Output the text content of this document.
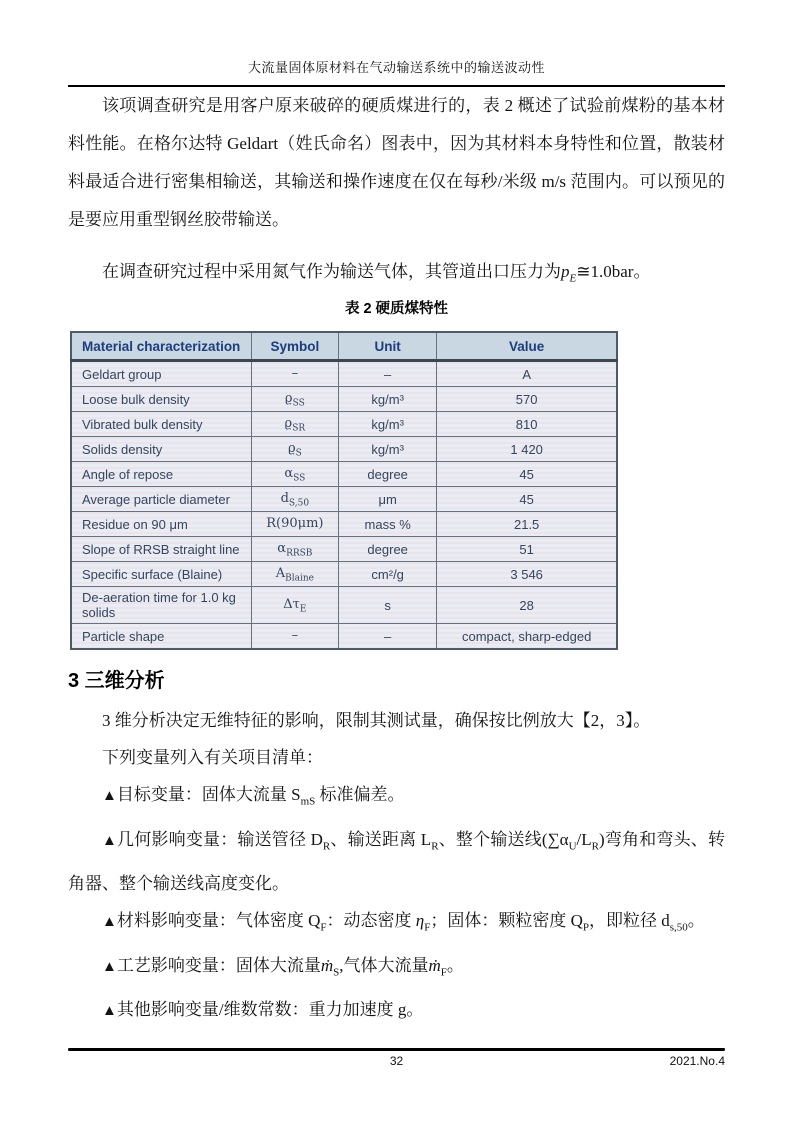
大流量固体原材料在气动输送系统中的输送波动性

该项调查研究是用客户原来破碎的硬质煤进行的，表 2 概述了试验前煤粉的基本材料性能。在格尔达特 Geldart（姓氏命名）图表中，因为其材料本身特性和位置，散装材料最适合进行密集相输送，其输送和操作速度在仅在每秒/米级 m/s 范围内。可以预见的是要应用重型钢丝胶带输送。

在调查研究过程中采用氮气作为输送气体，其管道出口压力为$p_E≅1.0bar$。

表 2 硬质煤特性
Material characterization	Symbol	Unit	Value
Geldart group	–	–	A
Loose bulk density	$ϱ_{SS}$	kg/m³	570
Vibrated bulk density	$ϱ_{SR}$	kg/m³	810
Solids density	$ϱ_S$	kg/m³	1 420
Angle of repose	$\alpha_{SS}$	degree	45
Average particle diameter	$d_{S,50}$	μm	45
Residue on 90 μm	R(90μm)	mass %	21.5
Slope of RRSB straight line	$\alpha_{RRSB}$	degree	51
Specific surface (Blaine)	$A_{Blaine}$	cm²/g	3 546
De-aeration time for 1.0 kg solids	$\Delta\tau_E$	s	28
Particle shape	–	–	compact, sharp-edged
3 三维分析

3 维分析决定无维特征的影响，限制其测试量，确保按比例放大【2，3】。

下列变量列入有关项目清单：

▲目标变量：固体大流量 $S_{mS}$ 标准偏差。

▲几何影响变量：输送管径 $D_R$、输送距离 $L_R$、整个输送线$(\sum\alpha_U/L_R)$弯角和弯头、转角器、整个输送线高度变化。

▲材料影响变量：气体密度 $Q_F$：动态密度 $\eta_F$；固体：颗粒密度 $Q_P$，即粒径 $d_{s,50}$。

▲工艺影响变量：固体大流量ṁ$_S$,气体大流量ṁ$_F$。

▲其他影响变量/维数常数：重力加速度 g。

32	2021.No.4
